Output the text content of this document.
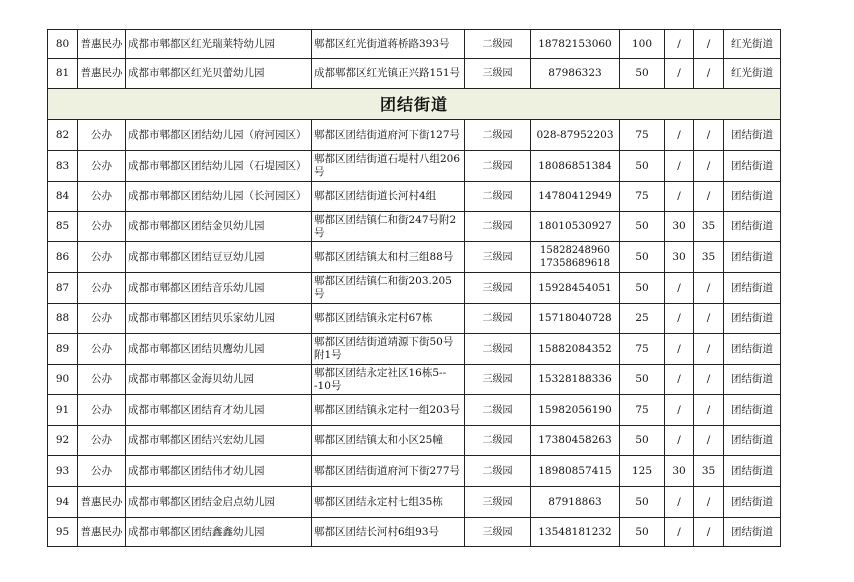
80	普惠民办	成都市郫都区红光瑞莱特幼儿园	郫都区红光街道蒋桥路393号	二级园	18782153060	100	/	/	红光街道
81	普惠民办	成都市郫都区红光贝蕾幼儿园	成都郫都区红光镇正兴路151号	三级园	87986323	50	/	/	红光街道
团结街道									
82	公办	成都市郫都区团结幼儿园（府河园区）	郫都区团结街道府河下街127号	二级园	028-87952203	75	/	/	团结街道
83	公办	成都市郫都区团结幼儿园（石堤园区）	郫都区团结街道石堤村八组206号	二级园	18086851384	50	/	/	团结街道
84	公办	成都市郫都区团结幼儿园（长河园区）	郫都区团结街道长河村4组	二级园	14780412949	75	/	/	团结街道
85	公办	成都市郫都区团结金贝幼儿园	郫都区团结镇仁和街247号附2号	二级园	18010530927	50	30	35	团结街道
86	公办	成都市郫都区团结豆豆幼儿园	郫都区团结镇太和村三组88号	三级园	15828248960 17358689618	50	30	35	团结街道
87	公办	成都市郫都区团结音乐幼儿园	郫都区团结镇仁和街203.205号	三级园	15928454051	50	/	/	团结街道
88	公办	成都市郫都区团结贝乐家幼儿园	郫都区团结镇永定村67栋	二级园	15718040728	25	/	/	团结街道
89	公办	成都市郫都区团结贝鹰幼儿园	郫都区团结街道靖源下街50号附1号	二级园	15882084352	75	/	/	团结街道
90	公办	成都市郫都区金海贝幼儿园	郫都区团结永定社区16栋5---10号	三级园	15328188336	50	/	/	团结街道
91	公办	成都市郫都区团结育才幼儿园	郫都区团结镇永定村一组203号	二级园	15982056190	75	/	/	团结街道
92	公办	成都市郫都区团结兴宏幼儿园	郫都区团结镇太和小区25幢	二级园	17380458263	50	/	/	团结街道
93	公办	成都市郫都区团结伟才幼儿园	郫都区团结街道府河下街277号	二级园	18980857415	125	30	35	团结街道
94	普惠民办	成都市郫都区团结金启点幼儿园	郫都区团结永定村七组35栋	三级园	87918863	50	/	/	团结街道
95	普惠民办	成都市郫都区团结鑫鑫幼儿园	郫都区团结长河村6组93号	三级园	13548181232	50	/	/	团结街道
